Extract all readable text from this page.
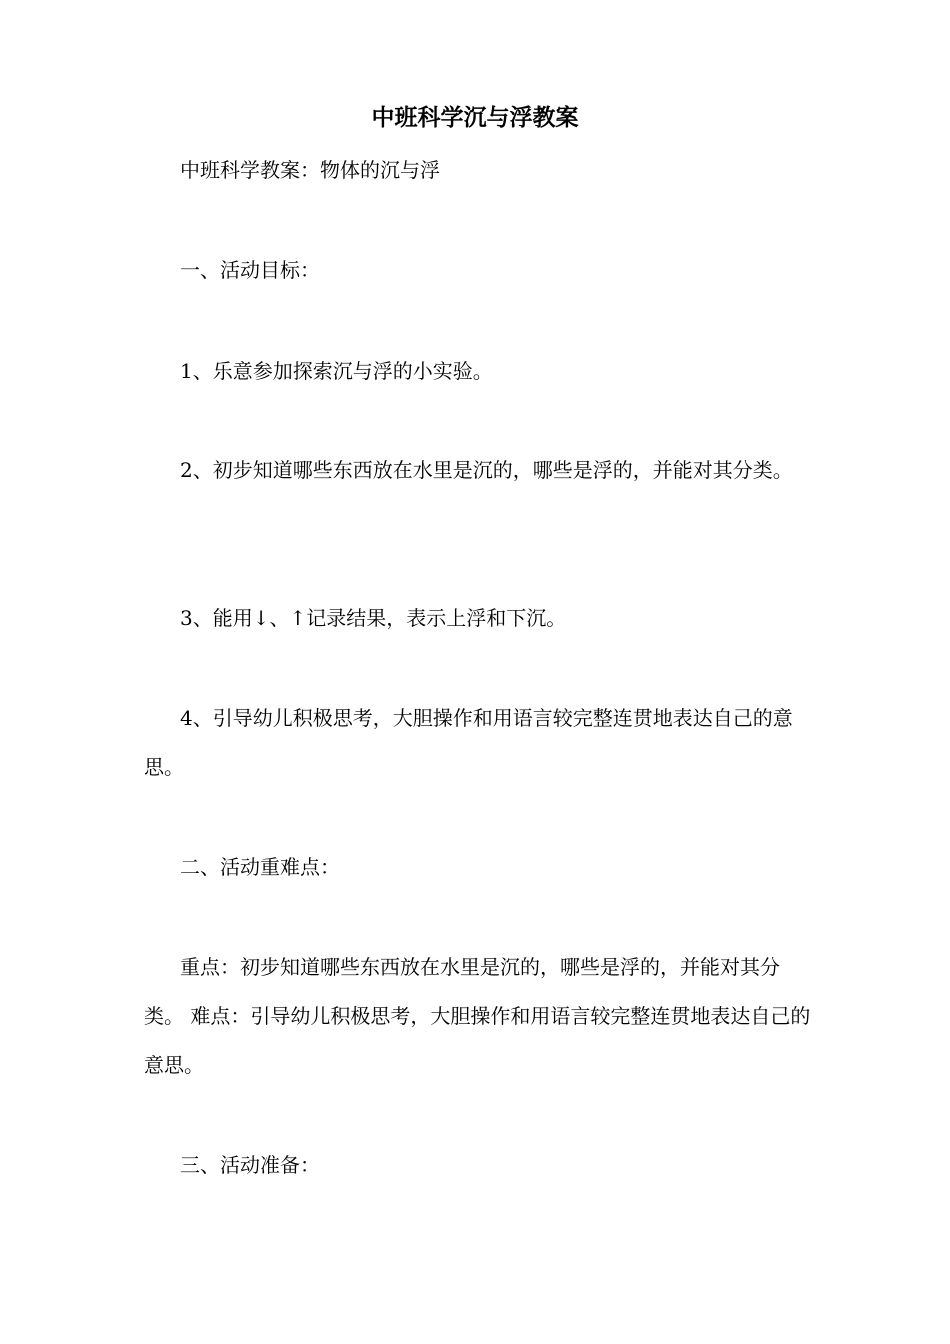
中班科学沉与浮教案

中班科学教案：物体的沉与浮

一、活动目标：

1、乐意参加探索沉与浮的小实验。

2、初步知道哪些东西放在水里是沉的，哪些是浮的，并能对其分类。

3、能用↓、↑记录结果，表示上浮和下沉。

4、引导幼儿积极思考，大胆操作和用语言较完整连贯地表达自己的意思。

二、活动重难点：

重点：初步知道哪些东西放在水里是沉的，哪些是浮的，并能对其分类。 难点：引导幼儿积极思考，大胆操作和用语言较完整连贯地表达自己的意思。

三、活动准备：
